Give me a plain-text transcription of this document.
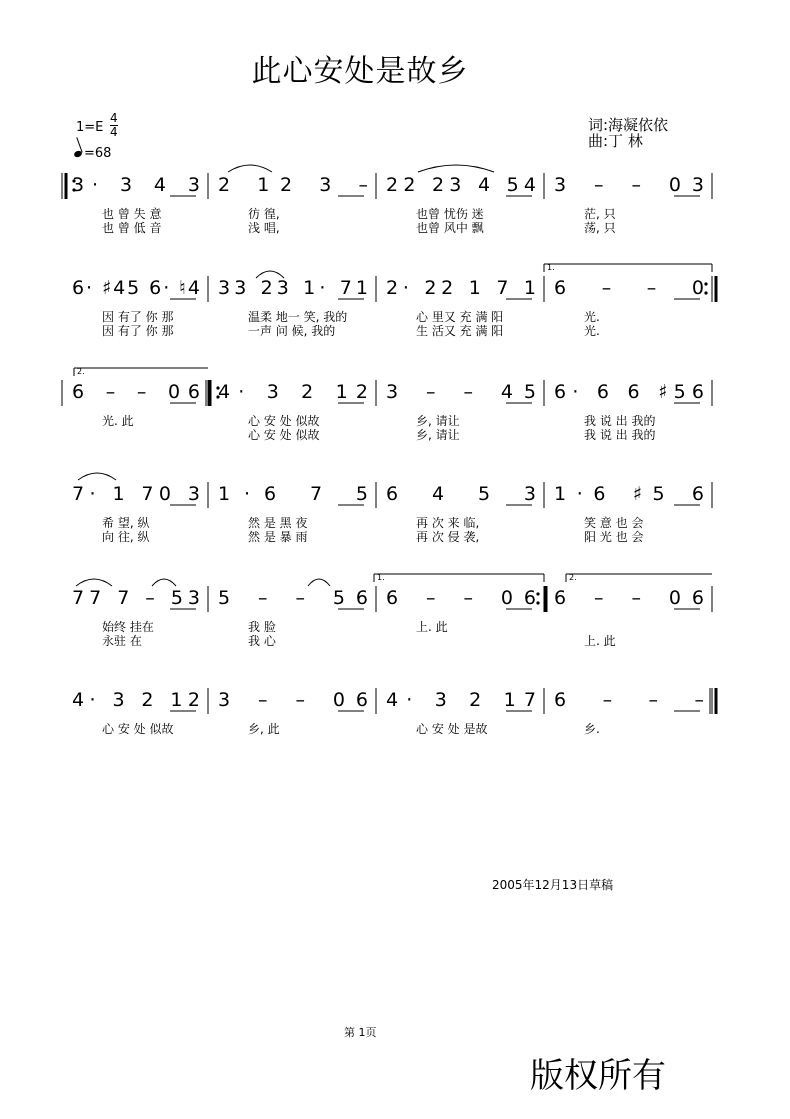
此心安处是故乡
1=E
4
4
=68
词:海凝依依
曲:丁 林
3· 3 4 3
也 曾 失 意
也 曾 低 音
2 12 3 –
彷 徨,
浅 唱,
22 23 4 54
也曾 忧伤 迷
也曾 风中 飘
3 – – 03
茫, 只
荡, 只
1.
6· ♯45 6· ♮4
因 有了 你 那
因 有了 你 那
33 23 1· 71
温柔 地一 笑, 我的
一声 问 候, 我的
2· 22 1 7 1
心 里又 充 满 阳
生 活又 充 满 阳
6 – – 0
光.
光.
2.
6 – – 06
光. 此
4· 3 2 12
心 安 处 似故
心 安 处 似故
3 – – 45
乡, 请让
乡, 请让
6· 6 6 ♯56
我 说 出 我的
我 说 出 我的
7· 1 70 3
希 望, 纵
向 往, 纵
1·6 7 5
然 是 黑 夜
然 是 暴 雨
6 4 5 3
再 次 来 临,
再 次 侵 袭,
1·6 ♯5 6
笑 意 也 会
阳 光 也 会
1.	2.
77 7 – 53
始终 挂在
永驻 在
5 – – 56
我 脸
我 心
6 – – 06
上. 此
6 – – 06
上. 此
4· 3 2 12
心 安 处 似故
3 – – 06
乡, 此
4· 3 2 17
心 安 处 是故
6 – – –
乡.
2005年12月13日草稿
第 1页
版权所有
